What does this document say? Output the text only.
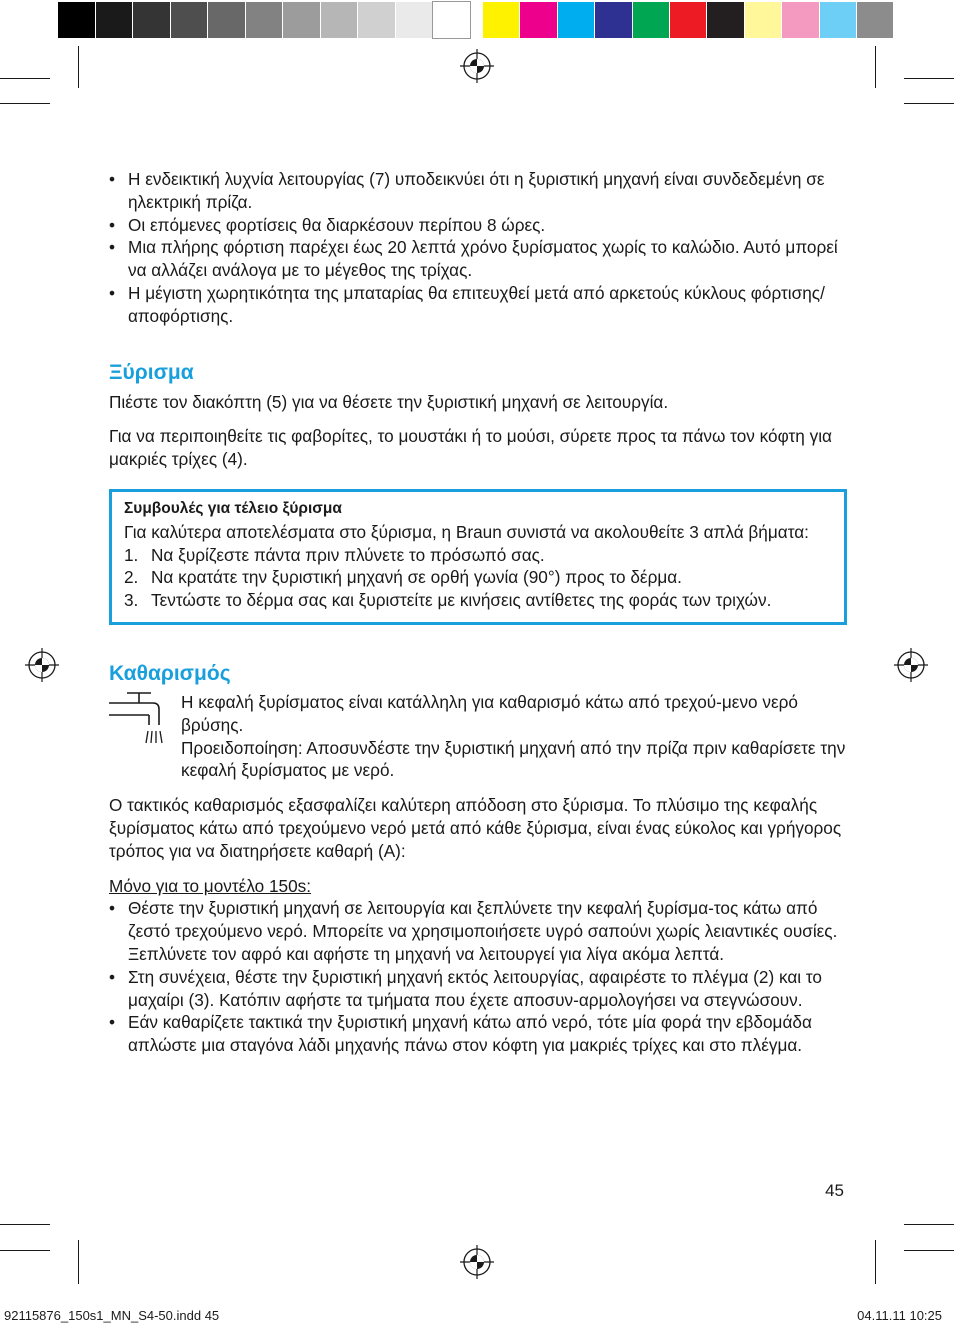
• Η ενδεικτική λυχνία λειτουργίας (7) υποδεικνύει ότι η ξυριστική μηχανή είναι συνδεδεμένη σε ηλεκτρική πρίζα.
• Οι επόμενες φορτίσεις θα διαρκέσουν περίπου 8 ώρες.
• Μια πλήρης φόρτιση παρέχει έως 20 λεπτά χρόνο ξυρίσματος χωρίς το καλώδιο. Αυτό μπορεί να αλλάζει ανάλογα με το μέγεθος της τρίχας.
• Η μέγιστη χωρητικότητα της μπαταρίας θα επιτευχθεί μετά από αρκετούς κύκλους φόρτισης/αποφόρτισης.
Ξύρισμα

Πιέστε τον διακόπτη (5) για να θέσετε την ξυριστική μηχανή σε λειτουργία.

Για να περιποιηθείτε τις φαβορίτες, το μουστάκι ή το μούσι, σύρετε προς τα πάνω τον κόφτη για μακριές τρίχες (4).

Συμβουλές για τέλειο ξύρισμα

Για καλύτερα αποτελέσματα στο ξύρισμα, η Braun συνιστά να ακολουθείτε 3 απλά βήματα:

1. Να ξυρίζεστε πάντα πριν πλύνετε το πρόσωπό σας.
2. Να κρατάτε την ξυριστική μηχανή σε ορθή γωνία (90°) προς το δέρμα.
3. Τεντώστε το δέρμα σας και ξυριστείτε με κινήσεις αντίθετες της φοράς των τριχών.
Καθαρισμός

Η κεφαλή ξυρίσματος είναι κατάλληλη για καθαρισμό κάτω από τρεχού-μενο νερό βρύσης.

Προειδοποίηση: Αποσυνδέστε την ξυριστική μηχανή από την πρίζα πριν καθαρίσετε την κεφαλή ξυρίσματος με νερό.

Ο τακτικός καθαρισμός εξασφαλίζει καλύτερη απόδοση στο ξύρισμα. Το πλύσιμο της κεφαλής ξυρίσματος κάτω από τρεχούμενο νερό μετά από κάθε ξύρισμα, είναι ένας εύκολος και γρήγορος τρόπος για να διατηρήσετε καθαρή (A):

Μόνο για το μοντέλο 150s:

• Θέστε την ξυριστική μηχανή σε λειτουργία και ξεπλύνετε την κεφαλή ξυρίσμα-τος κάτω από ζεστό τρεχούμενο νερό. Μπορείτε να χρησιμοποιήσετε υγρό σαπούνι χωρίς λειαντικές ουσίες. Ξεπλύνετε τον αφρό και αφήστε τη μηχανή να λειτουργεί για λίγα ακόμα λεπτά.
• Στη συνέχεια, θέστε την ξυριστική μηχανή εκτός λειτουργίας, αφαιρέστε το πλέγμα (2) και το μαχαίρι (3). Κατόπιν αφήστε τα τμήματα που έχετε αποσυν-αρμολογήσει να στεγνώσουν.
• Εάν καθαρίζετε τακτικά την ξυριστική μηχανή κάτω από νερό, τότε μία φορά την εβδομάδα απλώστε μια σταγόνα λάδι μηχανής πάνω στον κόφτη για μακριές τρίχες και στο πλέγμα.
45
92115876_150s1_MN_S4-50.indd 45	04.11.11 10:25
